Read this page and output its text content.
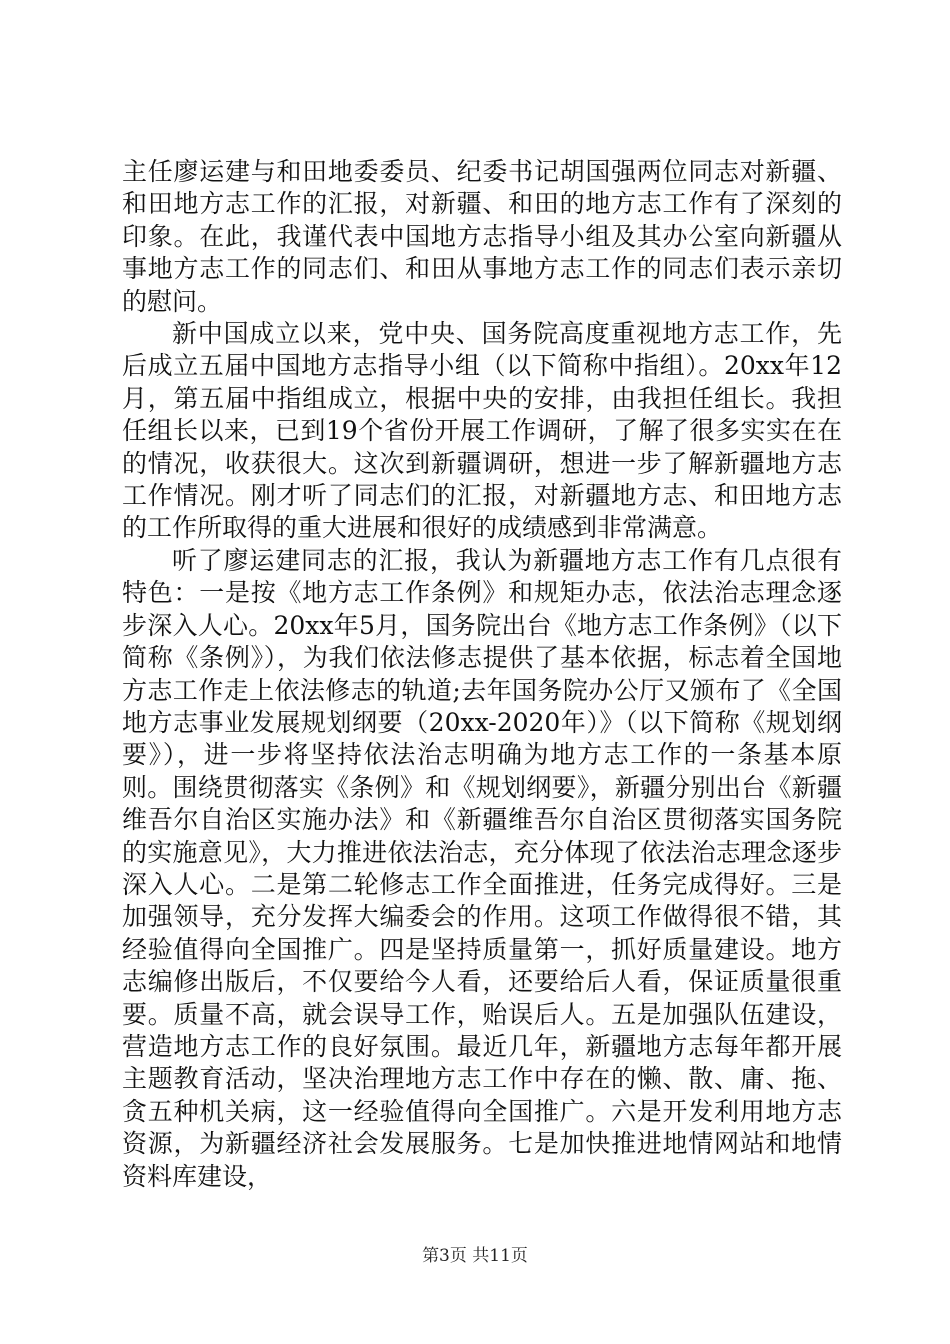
主任廖运建与和田地委委员、纪委书记胡国强两位同志对新疆、和田地方志工作的汇报，对新疆、和田的地方志工作有了深刻的印象。在此，我谨代表中国地方志指导小组及其办公室向新疆从事地方志工作的同志们、和田从事地方志工作的同志们表示亲切的慰问。

新中国成立以来，党中央、国务院高度重视地方志工作，先后成立五届中国地方志指导小组（以下简称中指组）。20xx年12月，第五届中指组成立，根据中央的安排，由我担任组长。我担任组长以来，已到19个省份开展工作调研，了解了很多实实在在的情况，收获很大。这次到新疆调研，想进一步了解新疆地方志工作情况。刚才听了同志们的汇报，对新疆地方志、和田地方志的工作所取得的重大进展和很好的成绩感到非常满意。

听了廖运建同志的汇报，我认为新疆地方志工作有几点很有特色：一是按《地方志工作条例》和规矩办志，依法治志理念逐步深入人心。20xx年5月，国务院出台《地方志工作条例》（以下简称《条例》），为我们依法修志提供了基本依据，标志着全国地方志工作走上依法修志的轨道;去年国务院办公厅又颁布了《全国地方志事业发展规划纲要（20xx-2020年）》（以下简称《规划纲要》），进一步将坚持依法治志明确为地方志工作的一条基本原则。围绕贯彻落实《条例》和《规划纲要》，新疆分别出台《新疆维吾尔自治区实施办法》和《新疆维吾尔自治区贯彻落实国务院的实施意见》，大力推进依法治志，充分体现了依法治志理念逐步深入人心。二是第二轮修志工作全面推进，任务完成得好。三是加强领导，充分发挥大编委会的作用。这项工作做得很不错，其经验值得向全国推广。四是坚持质量第一，抓好质量建设。地方志编修出版后，不仅要给今人看，还要给后人看，保证质量很重要。质量不高，就会误导工作，贻误后人。五是加强队伍建设，营造地方志工作的良好氛围。最近几年，新疆地方志每年都开展主题教育活动，坚决治理地方志工作中存在的懒、散、庸、拖、贪五种机关病，这一经验值得向全国推广。六是开发利用地方志资源，为新疆经济社会发展服务。七是加快推进地情网站和地情资料库建设，

第3页 共11页
